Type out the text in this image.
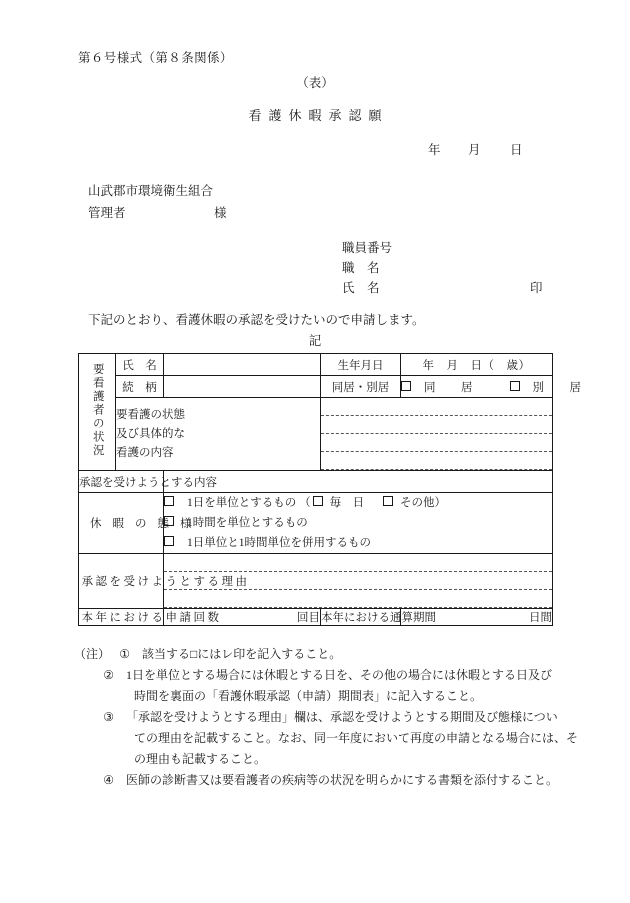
第６号様式（第８条関係）
（表）
看護休暇承認願
年 月 日
山武郡市環境衛生組合
管理者	様
職員番号
職　名
氏　名	印
下記のとおり、看護休暇の承認を受けたいので申請します。
記
要看護者の状況	氏　名		生年月日	年　月　日（　歳）
	続　柄		同居・別居	同　居 別　居

	要看護の状態
及び具体的な
看護の内容			

承認を受けようとする内容				
休暇の態様		1日を単位とするもの （ 毎　日 その他）
1時間を単位とするもの
1日単位と1時間単位を併用するもの		

承認を受けようとする理由				

本年における申請回数		回目	本年における通算期間	日間
（注） ①	該当する□にはレ印を記入すること。
② 1日を単位とする場合には休暇とする日を、その他の場合には休暇とする日及び
時間を裏面の「看護休暇承認（申請）期間表」に記入すること。
③ 「承認を受けようとする理由」欄は、承認を受けようとする期間及び態様につい
ての理由を記載すること。なお、同一年度において再度の申請となる場合には、そ
の理由も記載すること。
④	医師の診断書又は要看護者の疾病等の状況を明らかにする書類を添付すること。
